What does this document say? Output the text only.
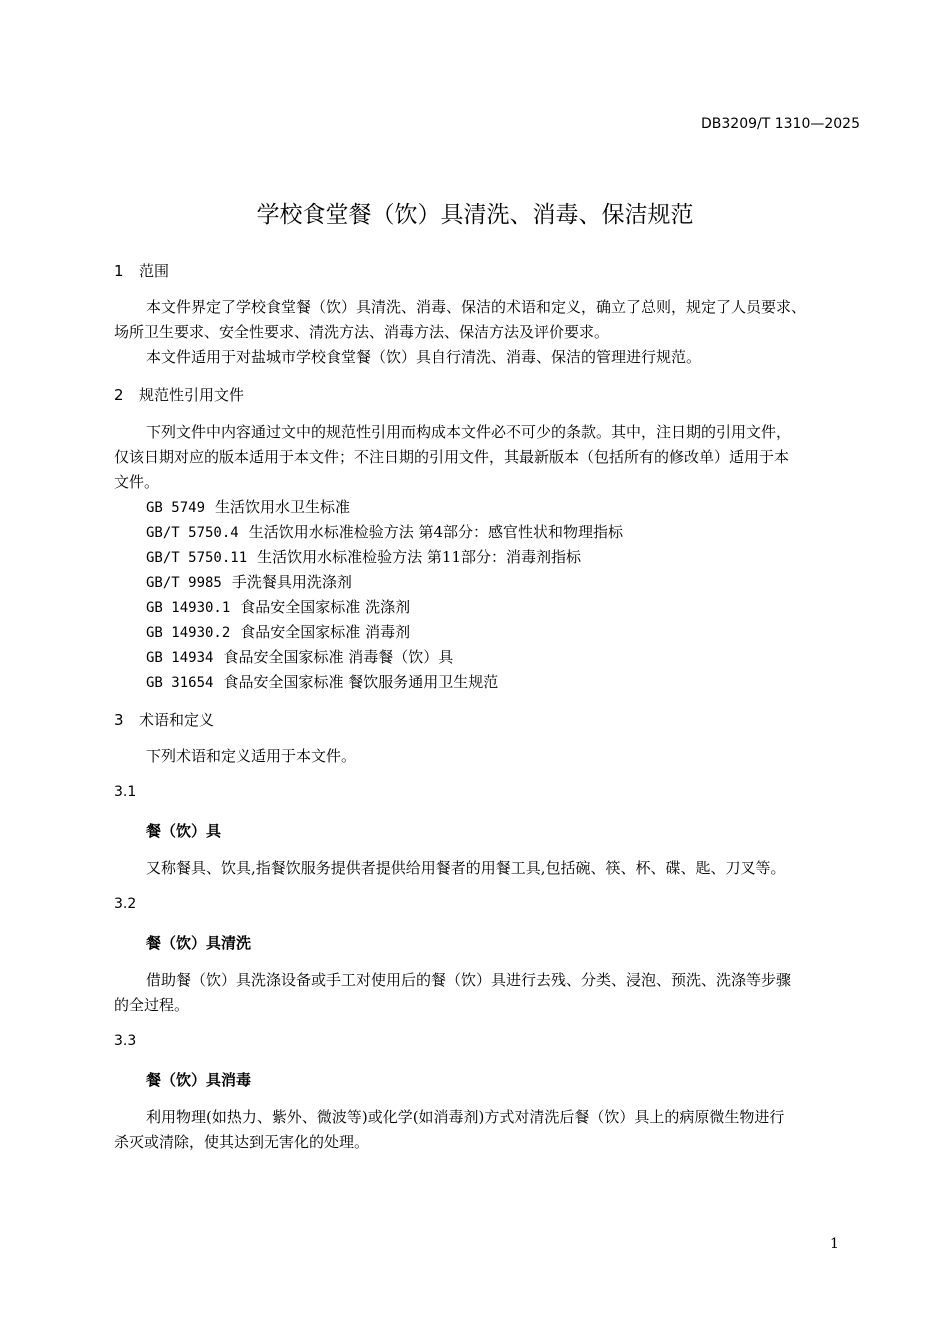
DB3209/T 1310—2025
学校食堂餐（饮）具清洗、消毒、保洁规范
1 范围
本文件界定了学校食堂餐（饮）具清洗、消毒、保洁的术语和定义，确立了总则，规定了人员要求、
场所卫生要求、安全性要求、清洗方法、消毒方法、保洁方法及评价要求。
本文件适用于对盐城市学校食堂餐（饮）具自行清洗、消毒、保洁的管理进行规范。
2 规范性引用文件
下列文件中内容通过文中的规范性引用而构成本文件必不可少的条款。其中，注日期的引用文件，
仅该日期对应的版本适用于本文件；不注日期的引用文件，其最新版本（包括所有的修改单）适用于本
文件。
GB 5749 生活饮用水卫生标准
GB/T 5750.4 生活饮用水标准检验方法 第4部分：感官性状和物理指标
GB/T 5750.11 生活饮用水标准检验方法 第11部分：消毒剂指标
GB/T 9985 手洗餐具用洗涤剂
GB 14930.1 食品安全国家标准 洗涤剂
GB 14930.2 食品安全国家标准 消毒剂
GB 14934 食品安全国家标准 消毒餐（饮）具
GB 31654 食品安全国家标准 餐饮服务通用卫生规范
3 术语和定义
下列术语和定义适用于本文件。
3.1
餐（饮）具
又称餐具、饮具,指餐饮服务提供者提供给用餐者的用餐工具,包括碗、筷、杯、碟、匙、刀叉等。
3.2
餐（饮）具清洗
借助餐（饮）具洗涤设备或手工对使用后的餐（饮）具进行去残、分类、浸泡、预洗、洗涤等步骤
的全过程。
3.3
餐（饮）具消毒
利用物理(如热力、紫外、微波等)或化学(如消毒剂)方式对清洗后餐（饮）具上的病原微生物进行
杀灭或清除，使其达到无害化的处理。
1
